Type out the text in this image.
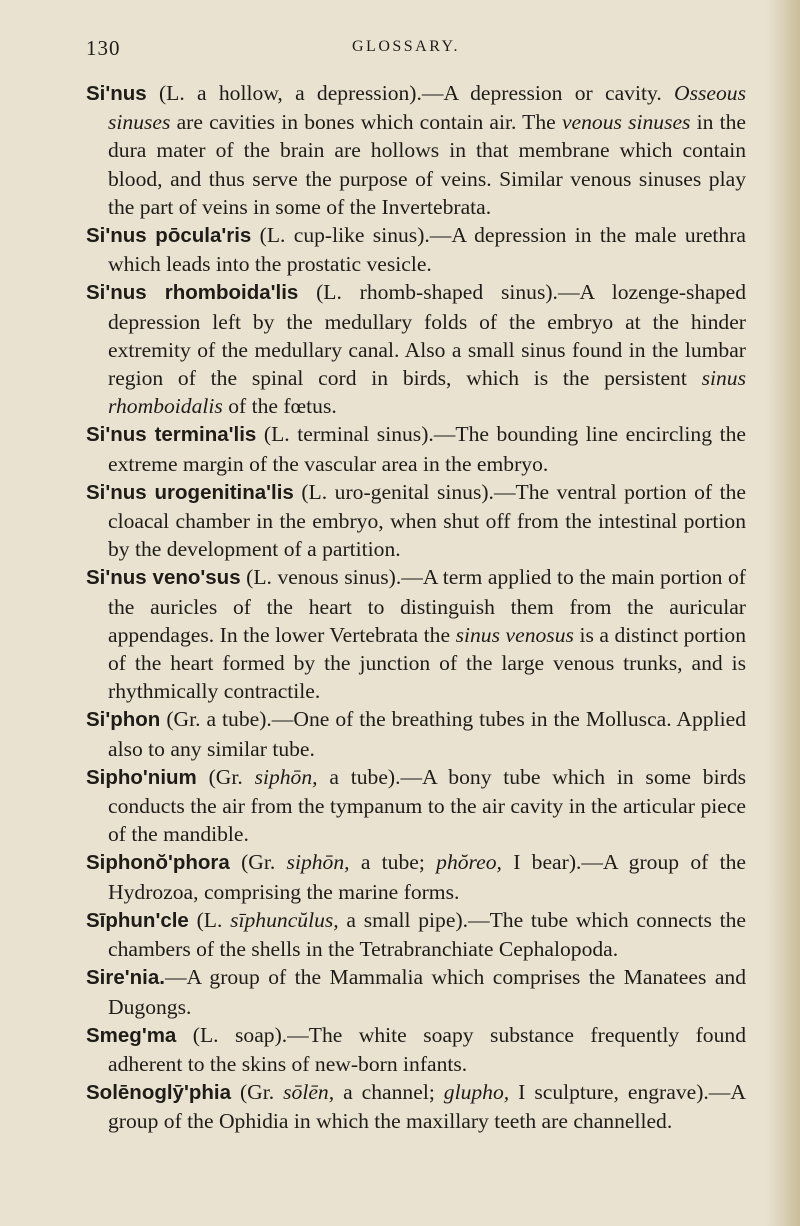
130	GLOSSARY.
Si'nus (L. a hollow, a depression).—A depression or cavity. Osseous sinuses are cavities in bones which contain air. The venous sinuses in the dura mater of the brain are hollows in that membrane which contain blood, and thus serve the purpose of veins. Similar venous sinuses play the part of veins in some of the Invertebrata.
Si'nus pōcula'ris (L. cup-like sinus).—A depression in the male urethra which leads into the prostatic vesicle.
Si'nus rhomboida'lis (L. rhomb-shaped sinus).—A lozenge-shaped depression left by the medullary folds of the embryo at the hinder extremity of the medullary canal. Also a small sinus found in the lumbar region of the spinal cord in birds, which is the persistent sinus rhomboidalis of the fœtus.
Si'nus termina'lis (L. terminal sinus).—The bounding line encircling the extreme margin of the vascular area in the embryo.
Si'nus urogenitina'lis (L. uro-genital sinus).—The ventral portion of the cloacal chamber in the embryo, when shut off from the intestinal portion by the development of a partition.
Si'nus veno'sus (L. venous sinus).—A term applied to the main portion of the auricles of the heart to distinguish them from the auricular appendages. In the lower Vertebrata the sinus venosus is a distinct portion of the heart formed by the junction of the large venous trunks, and is rhythmically contractile.
Si'phon (Gr. a tube).—One of the breathing tubes in the Mollusca. Applied also to any similar tube.
Sipho'nium (Gr. siphōn, a tube).—A bony tube which in some birds conducts the air from the tympanum to the air cavity in the articular piece of the mandible.
Siphonŏ'phora (Gr. siphōn, a tube; phŏreo, I bear).—A group of the Hydrozoa, comprising the marine forms.
Sīphun'cle (L. sīphuncŭlus, a small pipe).—The tube which connects the chambers of the shells in the Tetrabranchiate Cephalopoda.
Sire'nia.—A group of the Mammalia which comprises the Manatees and Dugongs.
Smeg'ma (L. soap).—The white soapy substance frequently found adherent to the skins of new-born infants.
Solēnoglȳ'phia (Gr. sōlēn, a channel; glupho, I sculpture, engrave).—A group of the Ophidia in which the maxillary teeth are channelled.
